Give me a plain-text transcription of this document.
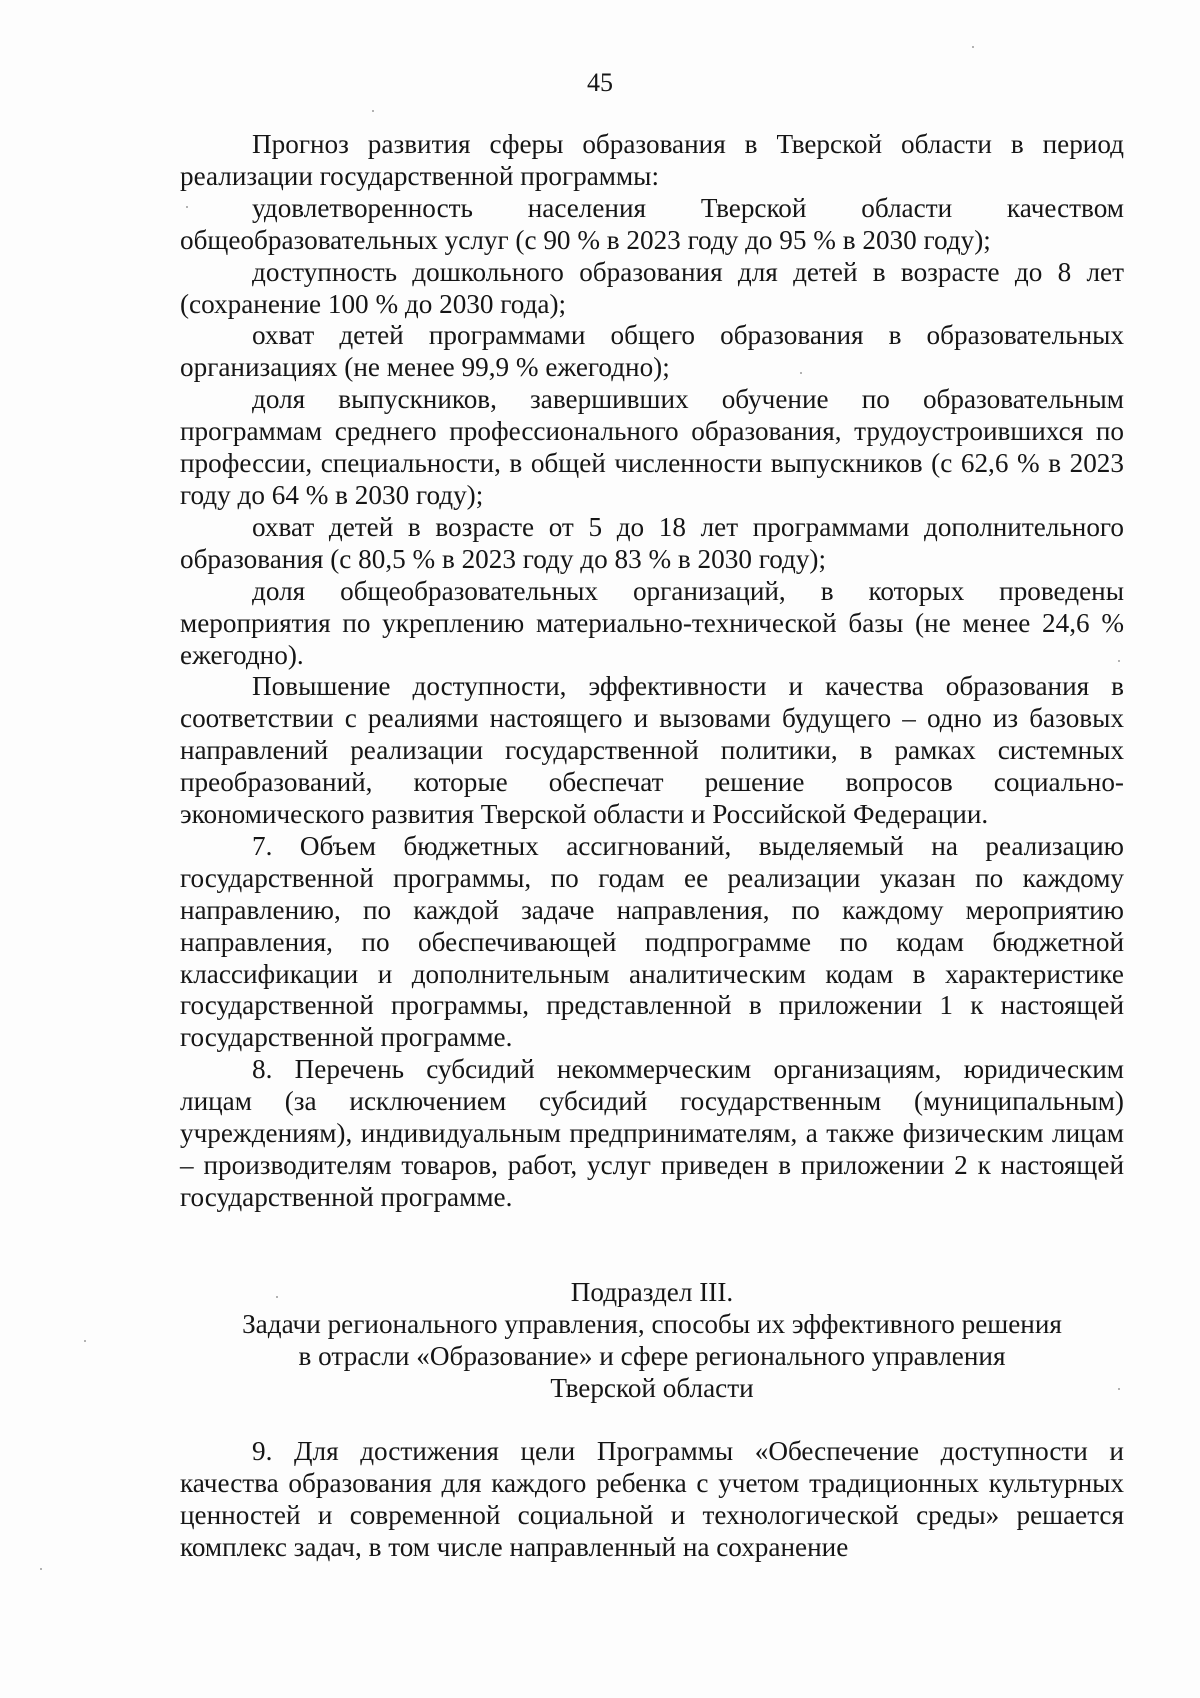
45

Прогноз развития сферы образования в Тверской области в период реализации государственной программы:

удовлетворенность населения Тверской области качеством общеобразовательных услуг (с 90 % в 2023 году до 95 % в 2030 году);

доступность дошкольного образования для детей в возрасте до 8 лет (сохранение 100 % до 2030 года);

охват детей программами общего образования в образовательных организациях (не менее 99,9 % ежегодно);

доля выпускников, завершивших обучение по образовательным программам среднего профессионального образования, трудоустроившихся по профессии, специальности, в общей численности выпускников (с 62,6 % в 2023 году до 64 % в 2030 году);

охват детей в возрасте от 5 до 18 лет программами дополнительного образования (с 80,5 % в 2023 году до 83 % в 2030 году);

доля общеобразовательных организаций, в которых проведены мероприятия по укреплению материально-технической базы (не менее 24,6 % ежегодно).

Повышение доступности, эффективности и качества образования в соответствии с реалиями настоящего и вызовами будущего – одно из базовых направлений реализации государственной политики, в рамках системных преобразований, которые обеспечат решение вопросов социально-экономического развития Тверской области и Российской Федерации.

7. Объем бюджетных ассигнований, выделяемый на реализацию государственной программы, по годам ее реализации указан по каждому направлению, по каждой задаче направления, по каждому мероприятию направления, по обеспечивающей подпрограмме по кодам бюджетной классификации и дополнительным аналитическим кодам в характеристике государственной программы, представленной в приложении 1 к настоящей государственной программе.

8. Перечень субсидий некоммерческим организациям, юридическим лицам (за исключением субсидий государственным (муниципальным) учреждениям), индивидуальным предпринимателям, а также физическим лицам – производителям товаров, работ, услуг приведен в приложении 2 к настоящей государственной программе.

Подраздел III.
Задачи регионального управления, способы их эффективного решения
в отрасли «Образование» и сфере регионального управления
Тверской области

9. Для достижения цели Программы «Обеспечение доступности и качества образования для каждого ребенка с учетом традиционных культурных ценностей и современной социальной и технологической среды» решается комплекс задач, в том числе направленный на сохранение
